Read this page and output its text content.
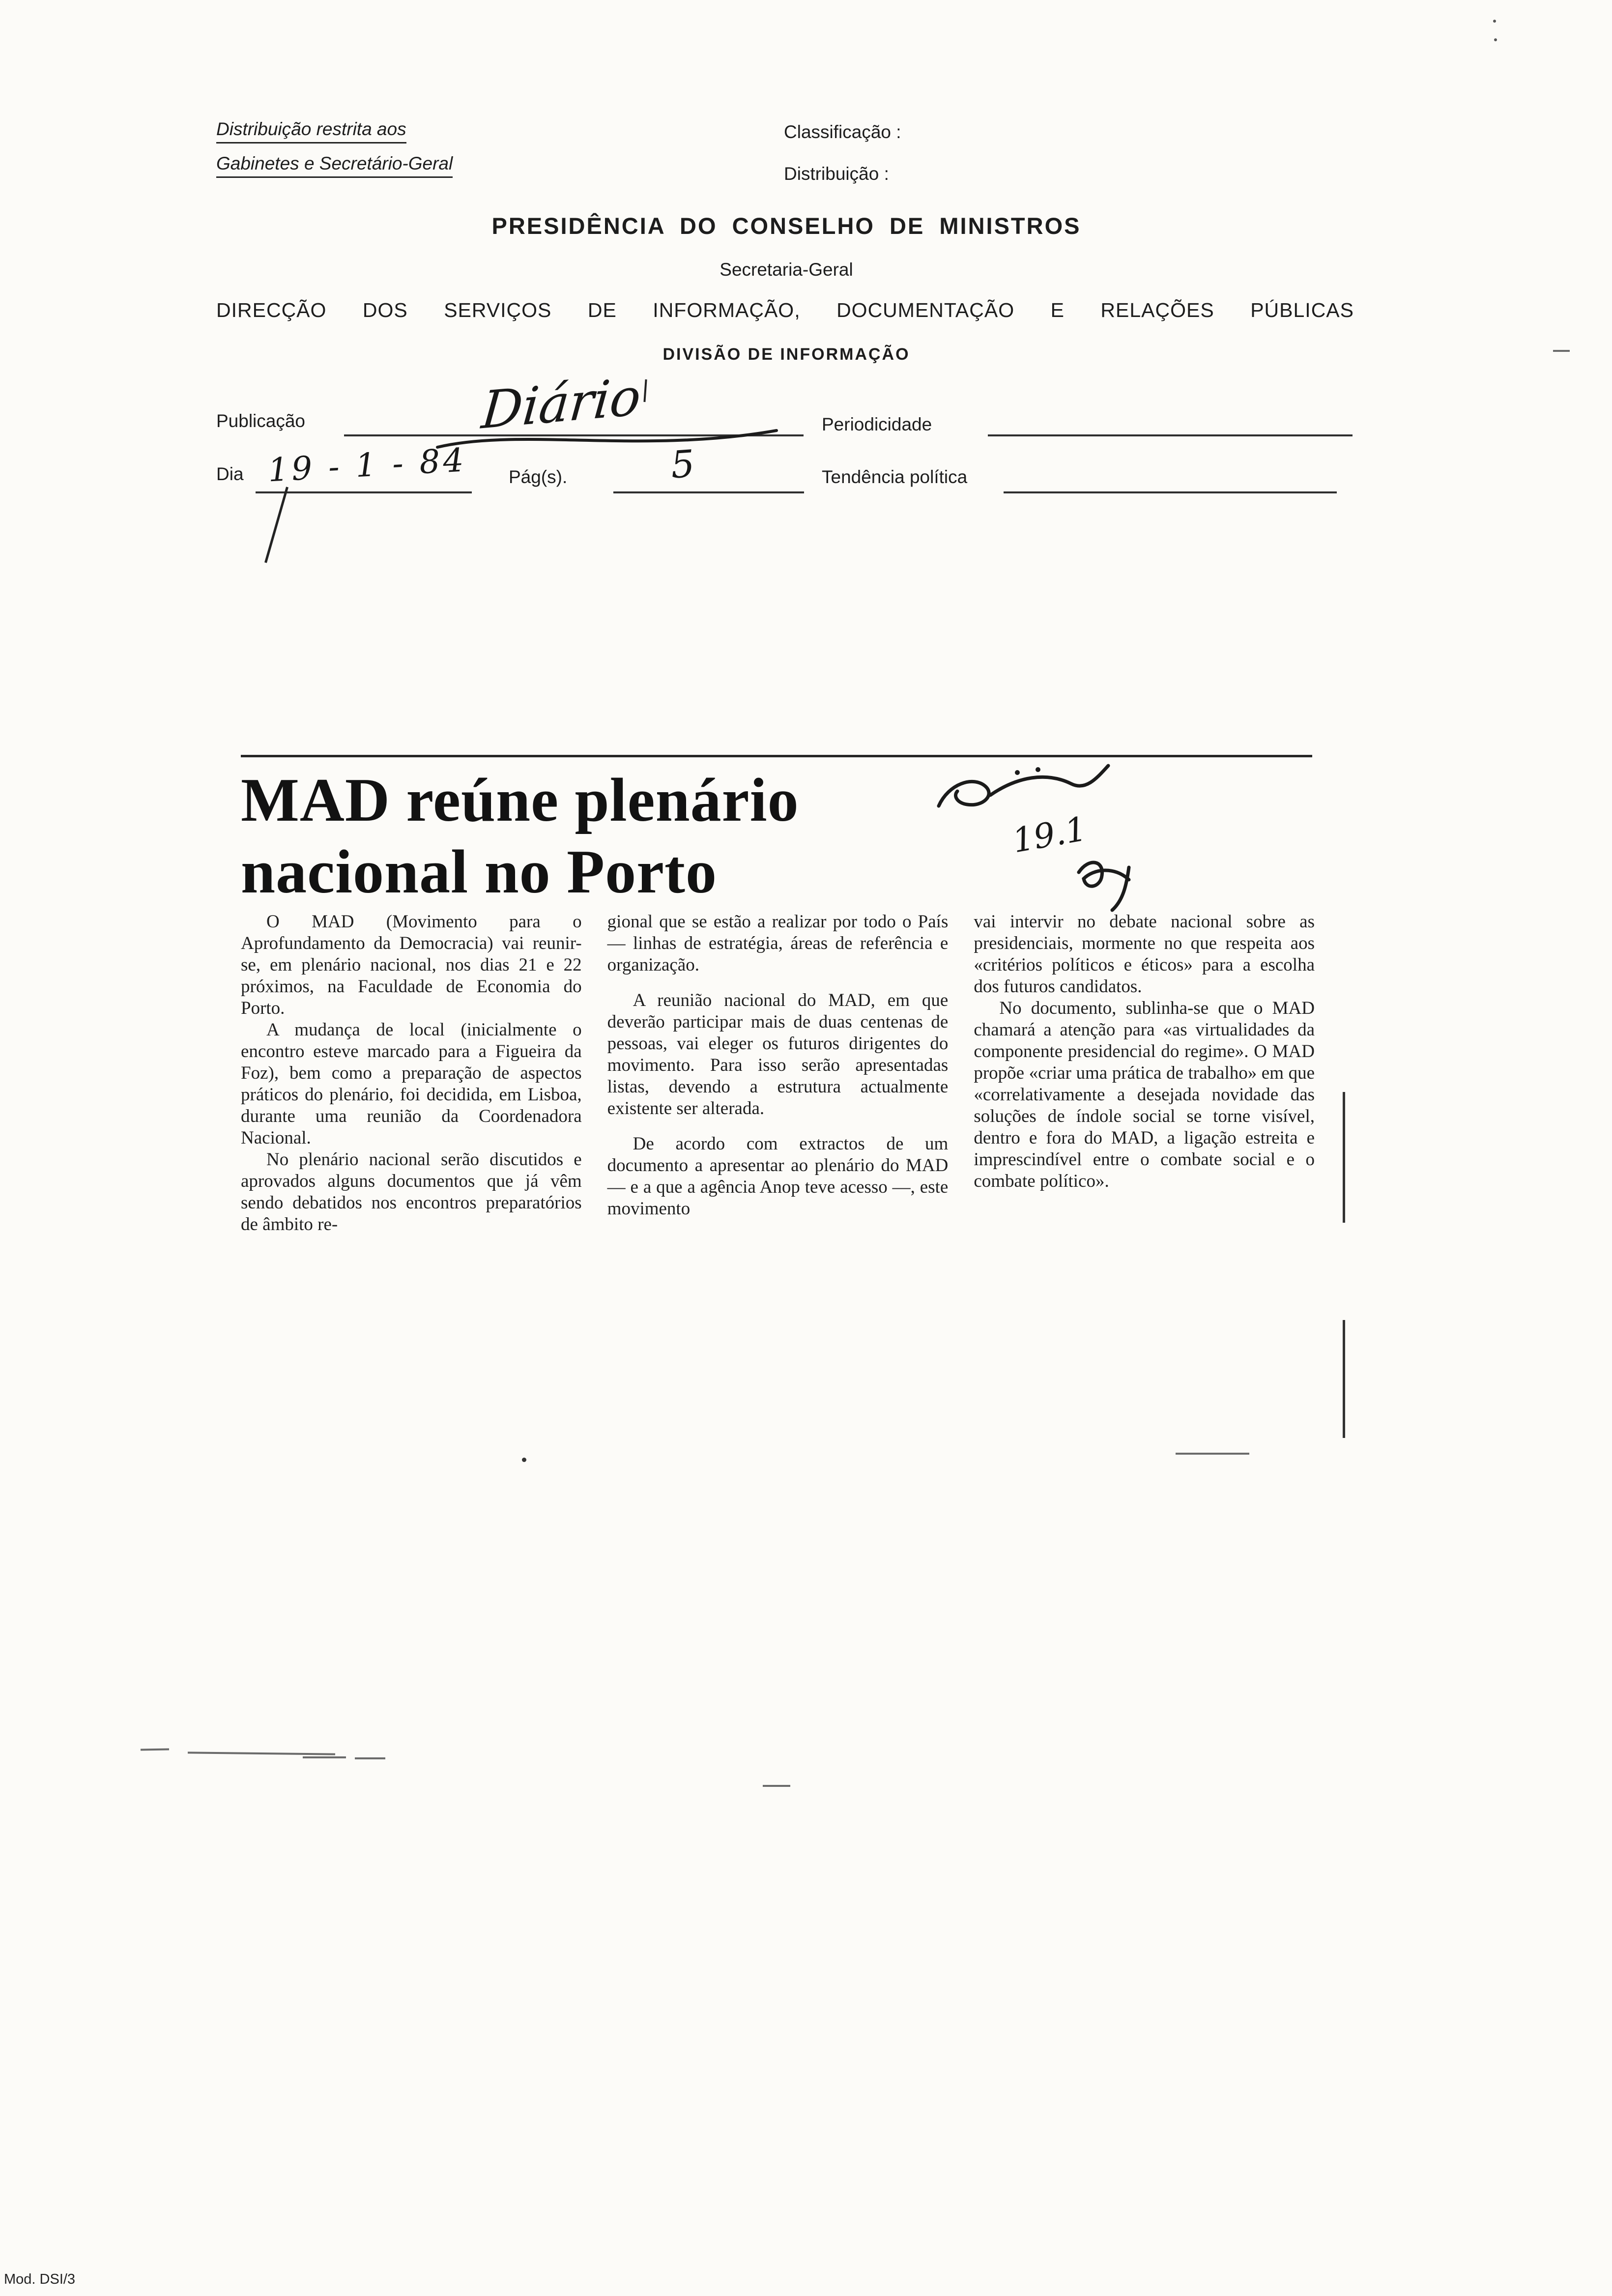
Distribuição restrita aos
Gabinetes e Secretário-Geral
Classificação :
Distribuição :
PRESIDÊNCIA DO CONSELHO DE MINISTROS
Secretaria-Geral
DIRECÇÃO DOS SERVIÇOS DE INFORMAÇÃO, DOCUMENTAÇÃO E RELAÇÕES PÚBLICAS
DIVISÃO DE INFORMAÇÃO
Publicação	Diário	Periodicidade
Dia 19 - 1 - 84 Pág(s).	5	Tendência política
MAD reúne plenário
nacional no Porto
19.1

O MAD (Movimento para o Aprofundamento da Democracia) vai reunir-se, em plenário nacional, nos dias 21 e 22 próximos, na Faculdade de Economia do Porto.

A mudança de local (inicialmente o encontro esteve marcado para a Figueira da Foz), bem como a preparação de aspectos práticos do plenário, foi decidida, em Lisboa, durante uma reunião da Coordenadora Nacional.

No plenário nacional serão discutidos e aprovados alguns documentos que já vêm sendo debatidos nos encontros preparatórios de âmbito re-

gional que se estão a realizar por todo o País — linhas de estratégia, áreas de referência e organização.

A reunião nacional do MAD, em que deverão participar mais de duas centenas de pessoas, vai eleger os futuros dirigentes do movimento. Para isso serão apresentadas listas, devendo a estrutura actualmente existente ser alterada.

De acordo com extractos de um documento a apresentar ao plenário do MAD — e a que a agência Anop teve acesso —, este movimento

vai intervir no debate nacional sobre as presidenciais, mormente no que respeita aos «critérios políticos e éticos» para a escolha dos futuros candidatos.

No documento, sublinha-se que o MAD chamará a atenção para «as virtualidades da componente presidencial do regime». O MAD propõe «criar uma prática de trabalho» em que «correlativamente a desejada novidade das soluções de índole social se torne visível, dentro e fora do MAD, a ligação estreita e imprescindível entre o combate social e o combate político».

Mod. DSI/3
